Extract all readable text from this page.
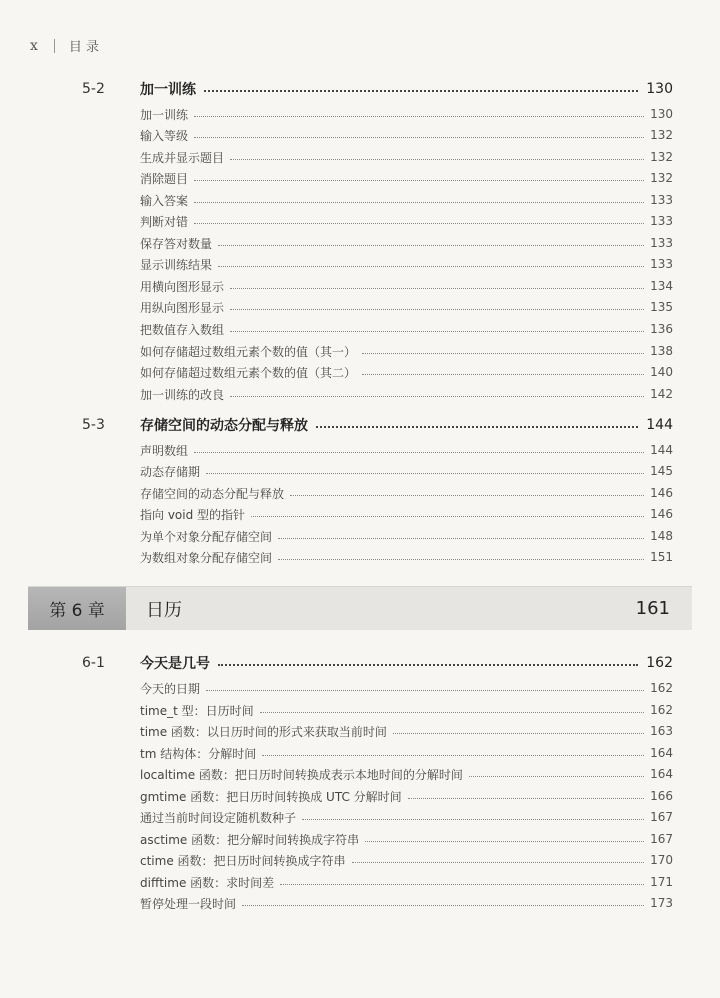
x 目 录
5-2	加一训练	130
加一训练	130
输入等级	132
生成并显示题目	132
消除题目	132
输入答案	133
判断对错	133
保存答对数量	133
显示训练结果	133
用横向图形显示	134
用纵向图形显示	135
把数值存入数组	136
如何存储超过数组元素个数的值（其一）	138
如何存储超过数组元素个数的值（其二）	140
加一训练的改良	142
5-3	存储空间的动态分配与释放	144
声明数组	144
动态存储期	145
存储空间的动态分配与释放	146
指向 void 型的指针	146
为单个对象分配存储空间	148
为数组对象分配存储空间	151
第 6 章	日历	161
6-1	今天是几号	162
今天的日期	162
time_t 型：日历时间	162
time 函数：以日历时间的形式来获取当前时间	163
tm 结构体：分解时间	164
localtime 函数：把日历时间转换成表示本地时间的分解时间	164
gmtime 函数：把日历时间转换成 UTC 分解时间	166
通过当前时间设定随机数种子	167
asctime 函数：把分解时间转换成字符串	167
ctime 函数：把日历时间转换成字符串	170
difftime 函数：求时间差	171
暂停处理一段时间	173
